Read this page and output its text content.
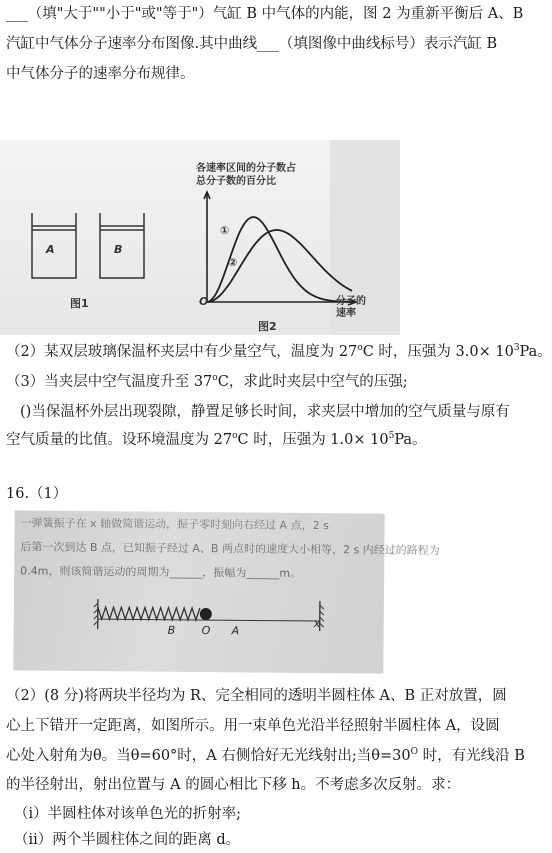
___（填"大于""小于"或"等于"）气缸 B 中气体的内能，图 2 为重新平衡后 A、B
汽缸中气体分子速率分布图像.其中曲线___（填图像中曲线标号）表示汽缸 B
中气体分子的速率分布规律。
A	B
图1
各速率区间的分子数占总分子数的百分比
O
①
②
分子的速率
图2
（2）某双层玻璃保温杯夹层中有少量空气，温度为 27$^o$C 时，压强为 $3.0\times 10^3Pa$。
（3）当夹层中空气温度升至 37$^o$C，求此时夹层中空气的压强;
()当保温杯外层出现裂隙，静置足够长时间，求夹层中增加的空气质量与原有
空气质量的比值。设环境温度为 27$^o$C 时，压强为 $1.0\times 10^5Pa$。
16.（1）
一弹簧振子在 x 轴做简谐运动，振子零时刻向右经过 A 点，2 s
后第一次到达 B 点，已知振子经过 A、B 两点时的速度大小相等，2 s 内经过的路程为
0.4m，则该简谐运动的周期为______，振幅为______m。
B O A
x
（2）(8 分)将两块半径均为 R、完全相同的透明半圆柱体 A、B 正对放置，圆
心上下错开一定距离，如图所示。用一束单色光沿半径照射半圆柱体 A，设圆
心处入射角为θ。当θ=60°时，A 右侧恰好无光线射出;当$\theta=30^O$ 时，有光线沿 B
的半径射出，射出位置与 A 的圆心相比下移 h。不考虑多次反射。求：
（i）半圆柱体对该单色光的折射率;
（ii）两个半圆柱体之间的距离 d。
